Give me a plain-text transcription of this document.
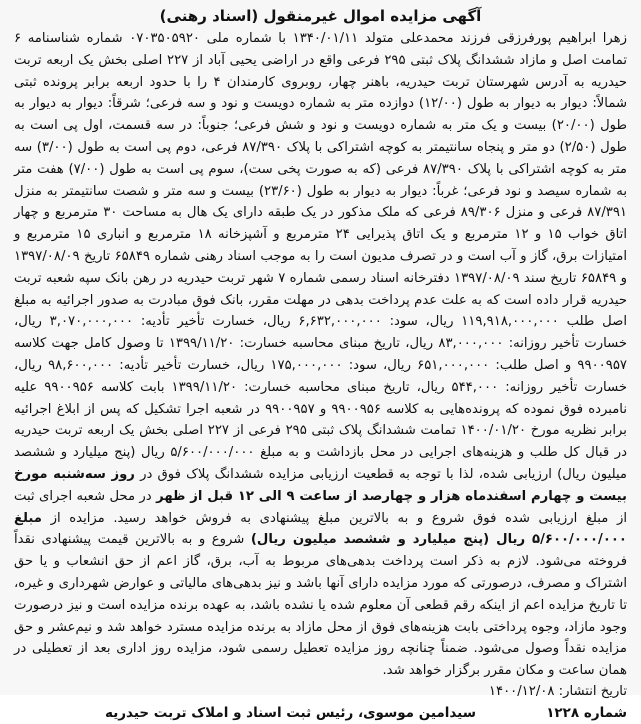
آگهی مزایده اموال غیرمنقول (اسناد رهنی)

زهرا ابراهیم پورفرزقی فرزند محمدعلی متولد ۱۳۴۰/۰۱/۱۱ با شماره ملی ۰۷۰۳۵۰۵۹۲۰ شماره شناسنامه ۶ تمامت اصل و مازاد ششدانگ پلاک ثبتی ۲۹۵ فرعی واقع در اراضی یحیی آباد از ۲۲۷ اصلی بخش یک اربعه تربت حیدریه به آدرس شهرستان تربت حیدریه، باهنر چهار، روبروی کارمندان ۴ را با حدود اربعه برابر پرونده ثبتی شمالاً: دیوار به دیوار به طول (۱۲/۰۰) دوازده متر به شماره دویست و نود و سه فرعی؛ شرقاً: دیوار به دیوار به طول (۲۰/۰۰) بیست و یک متر به شماره دویست و نود و شش فرعی؛ جنوباً: در سه قسمت، اول پی است به طول (۲/۵۰) دو متر و پنجاه سانتیمتر به کوچه اشتراکی با پلاک ۸۷/۳۹۰ فرعی، دوم پی است به طول (۳/۰۰) سه متر به کوچه اشتراکی با پلاک ۸۷/۳۹۰ فرعی (که به صورت پخی ست)، سوم پی است به طول (۷/۰۰) هفت متر به شماره سیصد و نود فرعی؛ غرباً: دیوار به دیوار به طول (۲۳/۶۰) بیست و سه متر و شصت سانتیمتر به منزل ۸۷/۳۹۱ فرعی و منزل ۸۹/۳۰۶ فرعی که ملک مذکور در یک طبقه دارای یک هال به مساحت ۳۰ مترمربع و چهار اتاق خواب ۱۵ و ۱۲ مترمربع و یک اتاق پذیرایی ۲۴ مترمربع و آشپزخانه ۱۸ مترمربع و انباری ۱۵ مترمربع و امتیازات برق، گاز و آب است و در تصرف مدیون است را به موجب اسناد رهنی شماره ۶۵۸۴۹ تاریخ ۱۳۹۷/۰۸/۰۹ و ۶۵۸۴۹ تاریخ سند ۱۳۹۷/۰۸/۰۹ دفترخانه اسناد رسمی شماره ۷ شهر تربت حیدریه در رهن بانک سپه شعبه تربت حیدریه قرار داده است که به علت عدم پرداخت بدهی در مهلت مقرر، بانک فوق مبادرت به صدور اجرائیه به مبلغ اصل طلب ۱۱۹,۹۱۸,۰۰۰,۰۰۰ ریال، سود: ۶,۶۳۲,۰۰۰,۰۰۰ ریال، خسارت تأخیر تأدیه: ۳,۰۷۰,۰۰۰,۰۰۰ ریال، خسارت تأخیر روزانه: ۸۳,۰۰۰,۰۰۰ ریال، تاریخ مبنای محاسبه خسارت: ۱۳۹۹/۱۱/۲۰ تا وصول کامل جهت کلاسه ۹۹۰۰۹۵۷ و اصل طلب: ۶۵۱,۰۰۰,۰۰۰ ریال، سود: ۱۷۵,۰۰۰,۰۰۰ ریال، خسارت تأخیر تأدیه: ۹۸,۶۰۰,۰۰۰ ریال، خسارت تأخیر روزانه: ۵۴۴,۰۰۰ ریال، تاریخ مبنای محاسبه خسارت: ۱۳۹۹/۱۱/۲۰ بابت کلاسه ۹۹۰۰۹۵۶ علیه نامبرده فوق نموده که پرونده‌هایی به کلاسه ۹۹۰۰۹۵۶ و ۹۹۰۰۹۵۷ در شعبه اجرا تشکیل که پس از ابلاغ اجرائیه برابر نظریه مورخ ۱۴۰۰/۰۱/۲۰ تمامت ششدانگ پلاک ثبتی ۲۹۵ فرعی از ۲۲۷ اصلی بخش یک اربعه تربت حیدریه در قبال کل طلب و هزینه‌های اجرایی در محل بازداشت و به مبلغ ۵/۶۰۰/۰۰۰/۰۰۰ ریال (پنج میلیارد و ششصد میلیون ریال) ارزیابی شده، لذا با توجه به قطعیت ارزیابی مزایده ششدانگ پلاک فوق در روز سه‌شنبه مورخ بیست و چهارم اسفندماه هزار و چهارصد از ساعت ۹ الی ۱۲ قبل از ظهر در محل شعبه اجرای ثبت از مبلغ ارزیابی شده فوق شروع و به بالاترین مبلغ پیشنهادی به فروش خواهد رسید. مزایده از مبلغ ۵/۶۰۰/۰۰۰/۰۰۰ ریال (پنج میلیارد و ششصد میلیون ریال) شروع و به بالاترین قیمت پیشنهادی نقداً فروخته می‌شود. لازم به ذکر است پرداخت بدهی‌های مربوط به آب، برق، گاز اعم از حق انشعاب و یا حق اشتراک و مصرف، درصورتی که مورد مزایده دارای آنها باشد و نیز بدهی‌های مالیاتی و عوارض شهرداری و غیره، تا تاریخ مزایده اعم از اینکه رقم قطعی آن معلوم شده یا نشده باشد، به عهده برنده مزایده است و نیز درصورت وجود مازاد، وجوه پرداختی بابت هزینه‌های فوق از محل مازاد به برنده مزایده مسترد خواهد شد و نیم‌عشر و حق مزایده نقداً وصول می‌شود. ضمناً چنانچه روز مزایده تعطیل رسمی شود، مزایده روز اداری بعد از تعطیلی در همان ساعت و مکان مقرر برگزار خواهد شد.

تاریخ انتشار: ۱۴۰۰/۱۲/۰۸

شماره ۱۲۲۸
سیدامین موسوی، رئیس ثبت اسناد و املاک تربت حیدریه
